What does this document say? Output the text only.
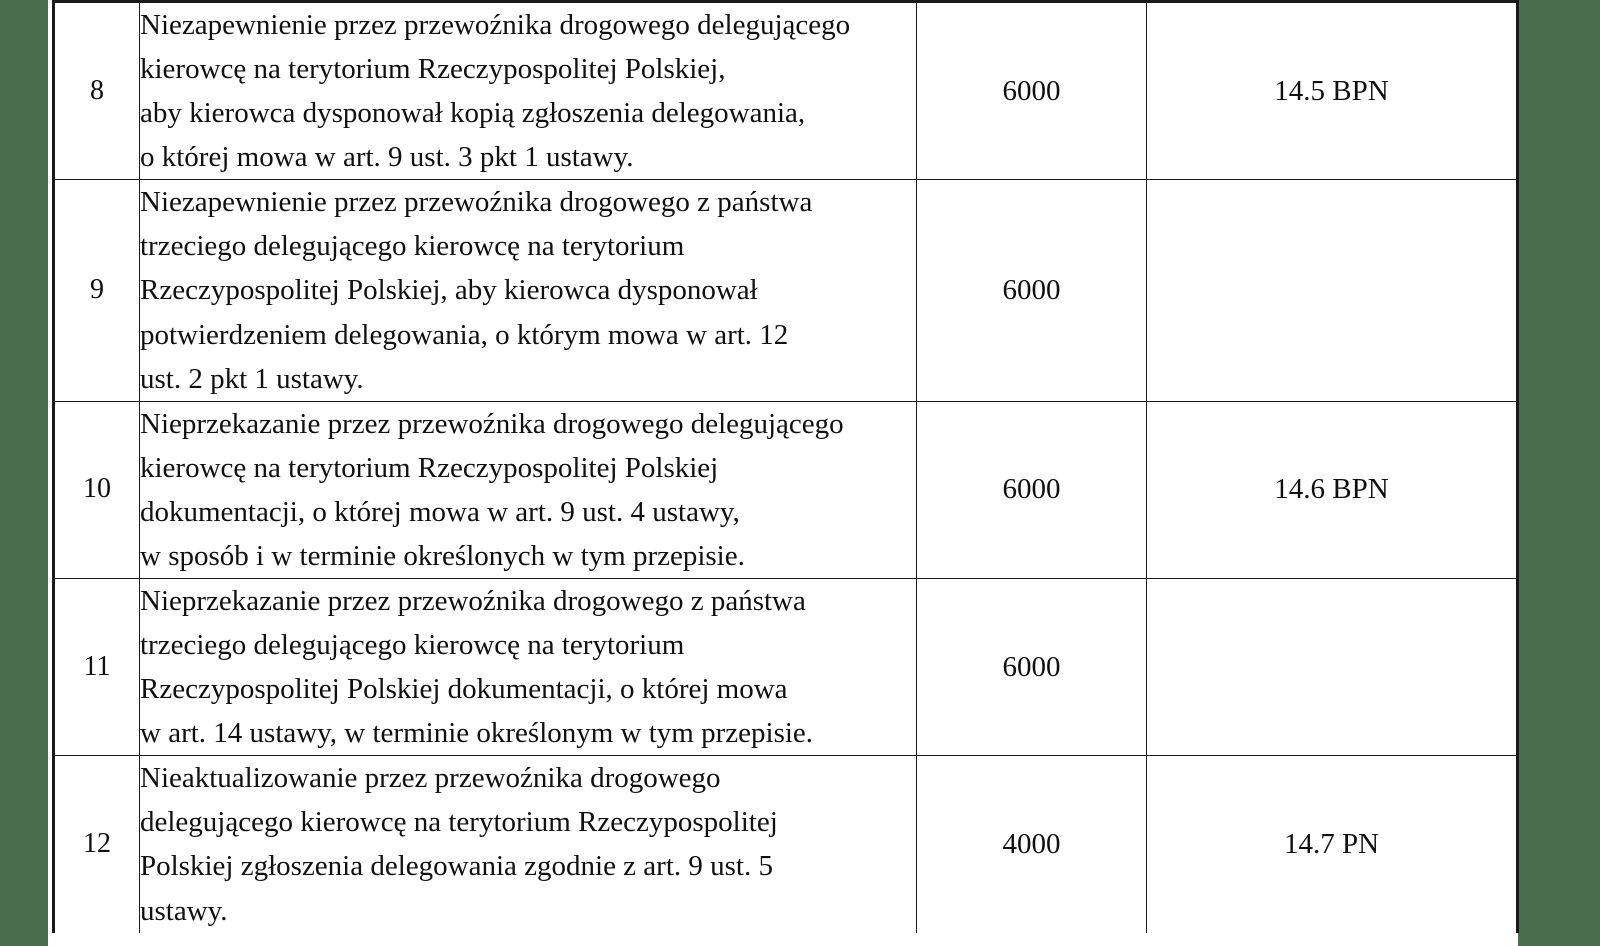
8	Niezapewnienie przez przewoźnika drogowego delegującego
kierowcę na terytorium Rzeczypospolitej Polskiej,
aby kierowca dysponował kopią zgłoszenia delegowania,
o której mowa w art. 9 ust. 3 pkt 1 ustawy.	6000	14.5 BPN
9	Niezapewnienie przez przewoźnika drogowego z państwa
trzeciego delegującego kierowcę na terytorium
Rzeczypospolitej Polskiej, aby kierowca dysponował
potwierdzeniem delegowania, o którym mowa w art. 12
ust. 2 pkt 1 ustawy.	6000	
10	Nieprzekazanie przez przewoźnika drogowego delegującego
kierowcę na terytorium Rzeczypospolitej Polskiej
dokumentacji, o której mowa w art. 9 ust. 4 ustawy,
w sposób i w terminie określonych w tym przepisie.	6000	14.6 BPN
11	Nieprzekazanie przez przewoźnika drogowego z państwa
trzeciego delegującego kierowcę na terytorium
Rzeczypospolitej Polskiej dokumentacji, o której mowa
w art. 14 ustawy, w terminie określonym w tym przepisie.	6000	
12	Nieaktualizowanie przez przewoźnika drogowego
delegującego kierowcę na terytorium Rzeczypospolitej
Polskiej zgłoszenia delegowania zgodnie z art. 9 ust. 5
ustawy.	4000	14.7 PN
